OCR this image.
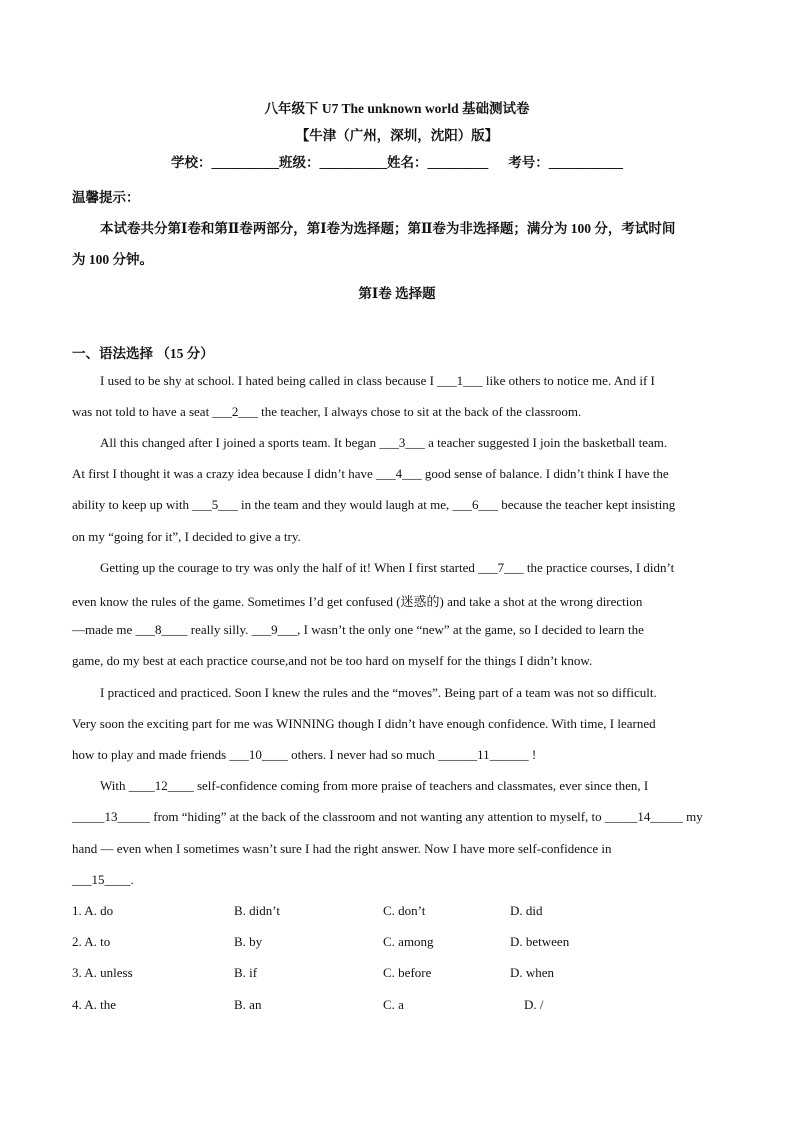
八年级下 U7 The unknown world 基础测试卷
【牛津（广州，深圳，沈阳）版】
学校：__________班级：__________姓名：_________ 考号：___________
温馨提示：
本试卷共分第Ⅰ卷和第Ⅱ卷两部分，第Ⅰ卷为选择题；第Ⅱ卷为非选择题；满分为 100 分，考试时间
为 100 分钟。
第Ⅰ卷 选择题
一、语法选择 （15 分）
I used to be shy at school. I hated being called in class because I ___1___ like others to notice me. And if I
was not told to have a seat ___2___ the teacher, I always chose to sit at the back of the classroom.
All this changed after I joined a sports team. It began ___3___ a teacher suggested I join the basketball team.
At first I thought it was a crazy idea because I didn’t have ___4___ good sense of balance. I didn’t think I have the
ability to keep up with ___5___ in the team and they would laugh at me, ___6___ because the teacher kept insisting
on my “going for it”, I decided to give a try.
Getting up the courage to try was only the half of it! When I first started ___7___ the practice courses, I didn’t
even know the rules of the game. Sometimes I’d get confused (迷惑的) and take a shot at the wrong direction
—made me ___8____ really silly. ___9___, I wasn’t the only one “new” at the game, so I decided to learn the
game, do my best at each practice course,and not be too hard on myself for the things I didn’t know.
I practiced and practiced. Soon I knew the rules and the “moves”. Being part of a team was not so difficult.
Very soon the exciting part for me was WINNING though I didn’t have enough confidence. With time, I learned
how to play and made friends ___10____ others. I never had so much ______11______ !
With ____12____ self-confidence coming from more praise of teachers and classmates, ever since then, I
_____13_____ from “hiding” at the back of the classroom and not wanting any attention to myself, to _____14_____ my
hand — even when I sometimes wasn’t sure I had the right answer. Now I have more self-confidence in
___15____.
1. A. do	B. didn’t	C. don’t	D. did
2. A. to	B. by	C. among	D. between
3. A. unless	B. if	C. before	D. when
4. A. the	B. an	C. a	D. /
